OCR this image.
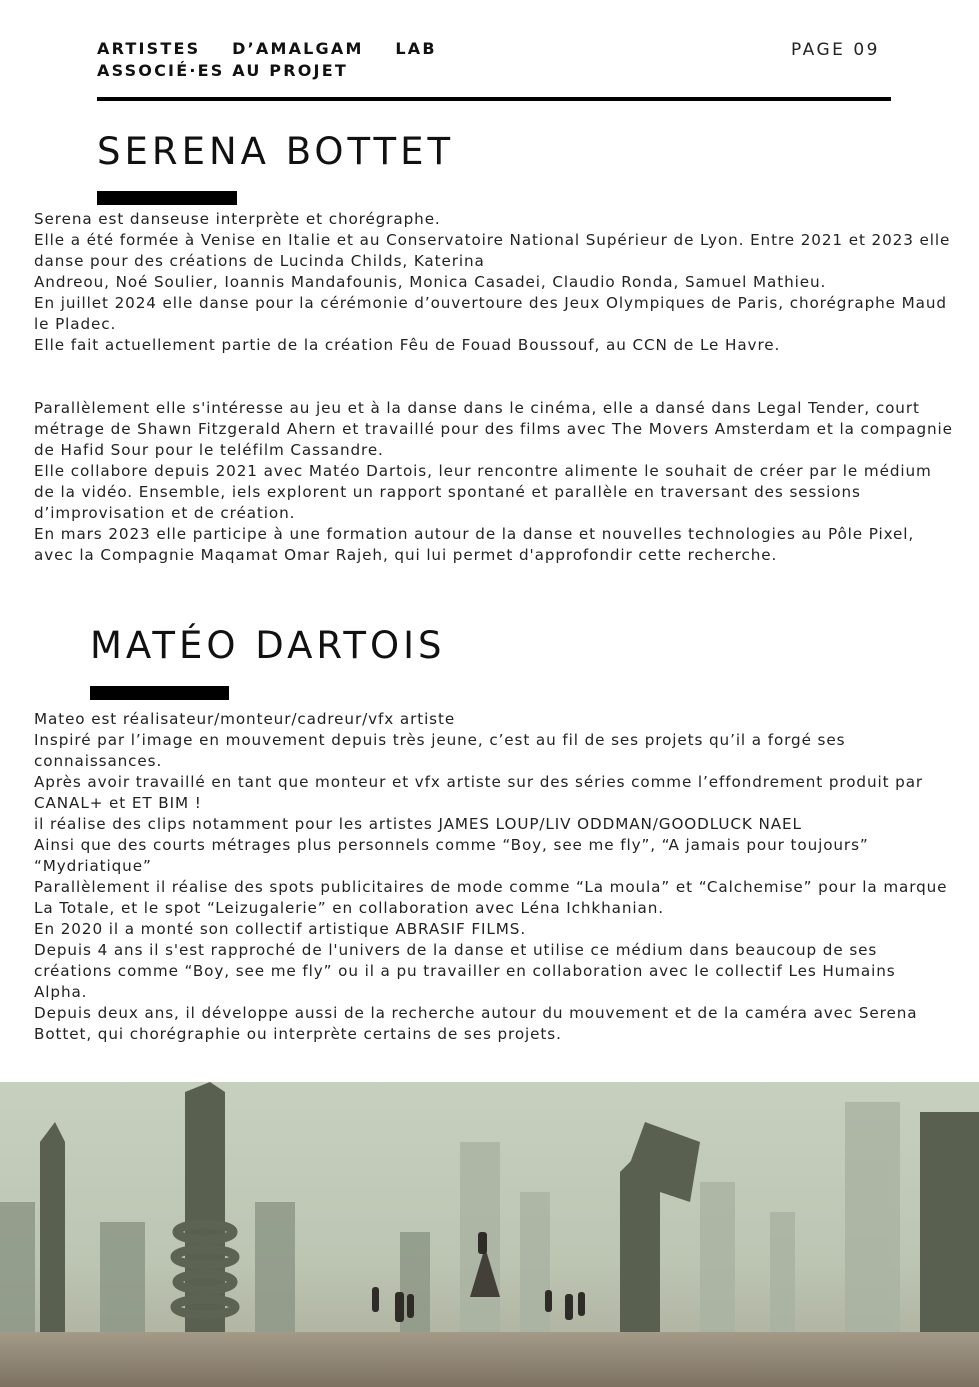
ARTISTES D’AMALGAM LAB
ASSOCIÉ·ES AU PROJET
PAGE 09
SERENA BOTTET

Serena est danseuse interprète et chorégraphe.

Elle a été formée à Venise en Italie et au Conservatoire National Supérieur de Lyon. Entre 2021 et 2023 elle danse pour des créations de Lucinda Childs, Katerina

Andreou, Noé Soulier, Ioannis Mandafounis, Monica Casadei, Claudio Ronda, Samuel Mathieu.

En juillet 2024 elle danse pour la cérémonie d’ouvertoure des Jeux Olympiques de Paris, chorégraphe Maud le Pladec.

Elle fait actuellement partie de la création Fêu de Fouad Boussouf, au CCN de Le Havre.

Parallèlement elle s'intéresse au jeu et à la danse dans le cinéma, elle a dansé dans Legal Tender, court métrage de Shawn Fitzgerald Ahern et travaillé pour des films avec The Movers Amsterdam et la compagnie de Hafid Sour pour le teléfilm Cassandre.

Elle collabore depuis 2021 avec Matéo Dartois, leur rencontre alimente le souhait de créer par le médium de la vidéo. Ensemble, iels explorent un rapport spontané et parallèle en traversant des sessions d’improvisation et de création.

En mars 2023 elle participe à une formation autour de la danse et nouvelles technologies au Pôle Pixel, avec la Compagnie Maqamat Omar Rajeh, qui lui permet d'approfondir cette recherche.

MATÉO DARTOIS

Mateo est réalisateur/monteur/cadreur/vfx artiste

Inspiré par l’image en mouvement depuis très jeune, c’est au fil de ses projets qu’il a forgé ses connaissances.

Après avoir travaillé en tant que monteur et vfx artiste sur des séries comme l’effondrement produit par CANAL+ et ET BIM !

il réalise des clips notamment pour les artistes JAMES LOUP/LIV ODDMAN/GOODLUCK NAEL

Ainsi que des courts métrages plus personnels comme “Boy, see me fly”, “A jamais pour toujours” “Mydriatique”

Parallèlement il réalise des spots publicitaires de mode comme “La moula” et “Calchemise” pour la marque La Totale, et le spot “Leizugalerie” en collaboration avec Léna Ichkhanian.

En 2020 il a monté son collectif artistique ABRASIF FILMS.

Depuis 4 ans il s'est rapproché de l'univers de la danse et utilise ce médium dans beaucoup de ses créations comme “Boy, see me fly” ou il a pu travailler en collaboration avec le collectif Les Humains Alpha.

Depuis deux ans, il développe aussi de la recherche autour du mouvement et de la caméra avec Serena Bottet, qui chorégraphie ou interprète certains de ses projets.
